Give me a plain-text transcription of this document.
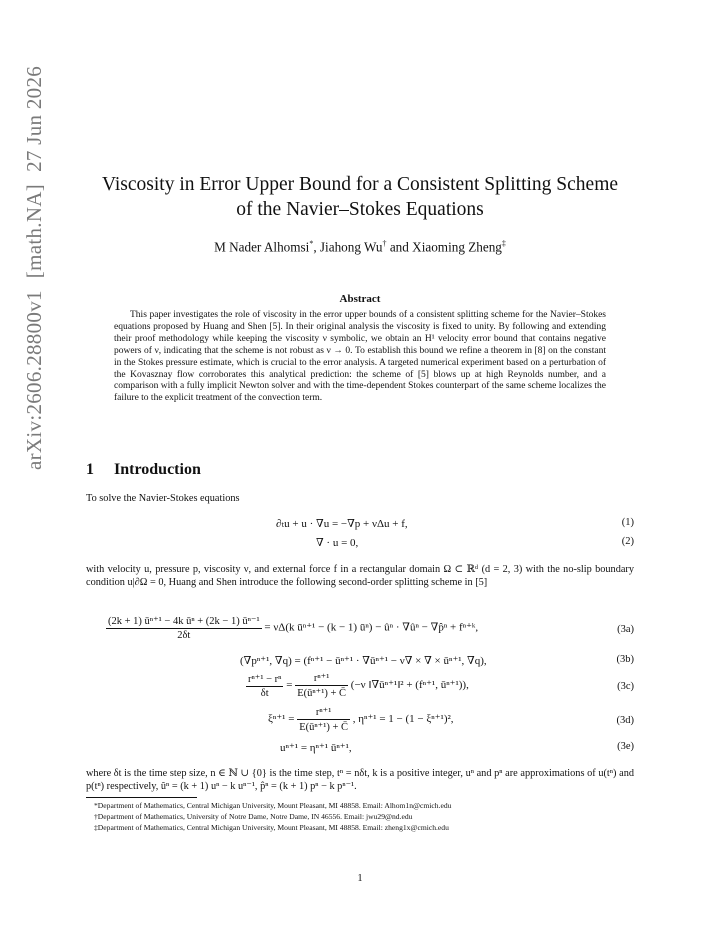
arXiv:2606.28800v1[math.NA]27 Jun 2026
Viscosity in Error Upper Bound for a Consistent Splitting Scheme
of the Navier–Stokes Equations
M Nader Alhomsi*, Jiahong Wu† and Xiaoming Zheng‡
Abstract

This paper investigates the role of viscosity in the error upper bounds of a consistent splitting scheme for the Navier–Stokes equations proposed by Huang and Shen [5]. In their original analysis the viscosity is fixed to unity. By following and extending their proof methodology while keeping the viscosity ν symbolic, we obtain an H¹ velocity error bound that contains negative powers of ν, indicating that the scheme is not robust as ν → 0. To establish this bound we refine a theorem in [8] on the constant in the Stokes pressure estimate, which is crucial to the error analysis. A targeted numerical experiment based on a perturbation of the Kovasznay flow corroborates this analytical prediction: the scheme of [5] blows up at high Reynolds number, and a comparison with a fully implicit Newton solver and with the time-dependent Stokes counterpart of the same scheme localizes the failure to the explicit treatment of the convection term.

1 Introduction

To solve the Navier-Stokes equations

∂ₜu + u · ∇u = −∇p + νΔu + f,	(1)
∇ · u = 0,	(2)

with velocity u, pressure p, viscosity ν, and external force f in a rectangular domain Ω ⊂ ℝᵈ (d = 2, 3) with the no-slip boundary condition u|∂Ω = 0, Huang and Shen introduce the following second-order splitting scheme in [5]

$\frac{\text{(2k + 1) ūⁿ⁺¹ − 4k ūⁿ + (2k − 1) ūⁿ⁻¹}}{2\delta t} = \nu\Delta(k$ ūⁿ⁺¹ − (k − 1) ūⁿ) − ûⁿ · ∇ûⁿ − ∇p̂ⁿ + fⁿ⁺ᵏ,	(3a)
(∇pⁿ⁺¹, ∇q) = (fⁿ⁺¹ − ūⁿ⁺¹ · ∇ūⁿ⁺¹ − ν∇ × ∇ × ūⁿ⁺¹, ∇q),	(3b)
$\frac{\text{rⁿ⁺¹ − rⁿ}}{\delta t} = \frac{\text{rⁿ⁺¹}}{\text{E(ūⁿ⁺¹) + C̄}} (-\nu$ ‖∇ūⁿ⁺¹‖² + (fⁿ⁺¹, ūⁿ⁺¹)),	(3c)
$\xi^{n+1} = \frac{\text{rⁿ⁺¹}}{\text{E(ūⁿ⁺¹) + C̄}}$ , ηⁿ⁺¹ = 1 − (1 − ξⁿ⁺¹)²,	(3d)
uⁿ⁺¹ = ηⁿ⁺¹ ūⁿ⁺¹,	(3e)

where δt is the time step size, n ∈ ℕ ∪ {0} is the time step, tⁿ = nδt, k is a positive integer, uⁿ and pⁿ are approximations of u(tⁿ) and p(tⁿ) respectively, ûⁿ = (k + 1) uⁿ − k uⁿ⁻¹, p̂ⁿ = (k + 1) pⁿ − k pⁿ⁻¹.

*Department of Mathematics, Central Michigan University, Mount Pleasant, MI 48858. Email: Alhom1n@cmich.edu
†Department of Mathematics, University of Notre Dame, Notre Dame, IN 46556. Email: jwu29@nd.edu
‡Department of Mathematics, Central Michigan University, Mount Pleasant, MI 48858. Email: zheng1x@cmich.edu
1
